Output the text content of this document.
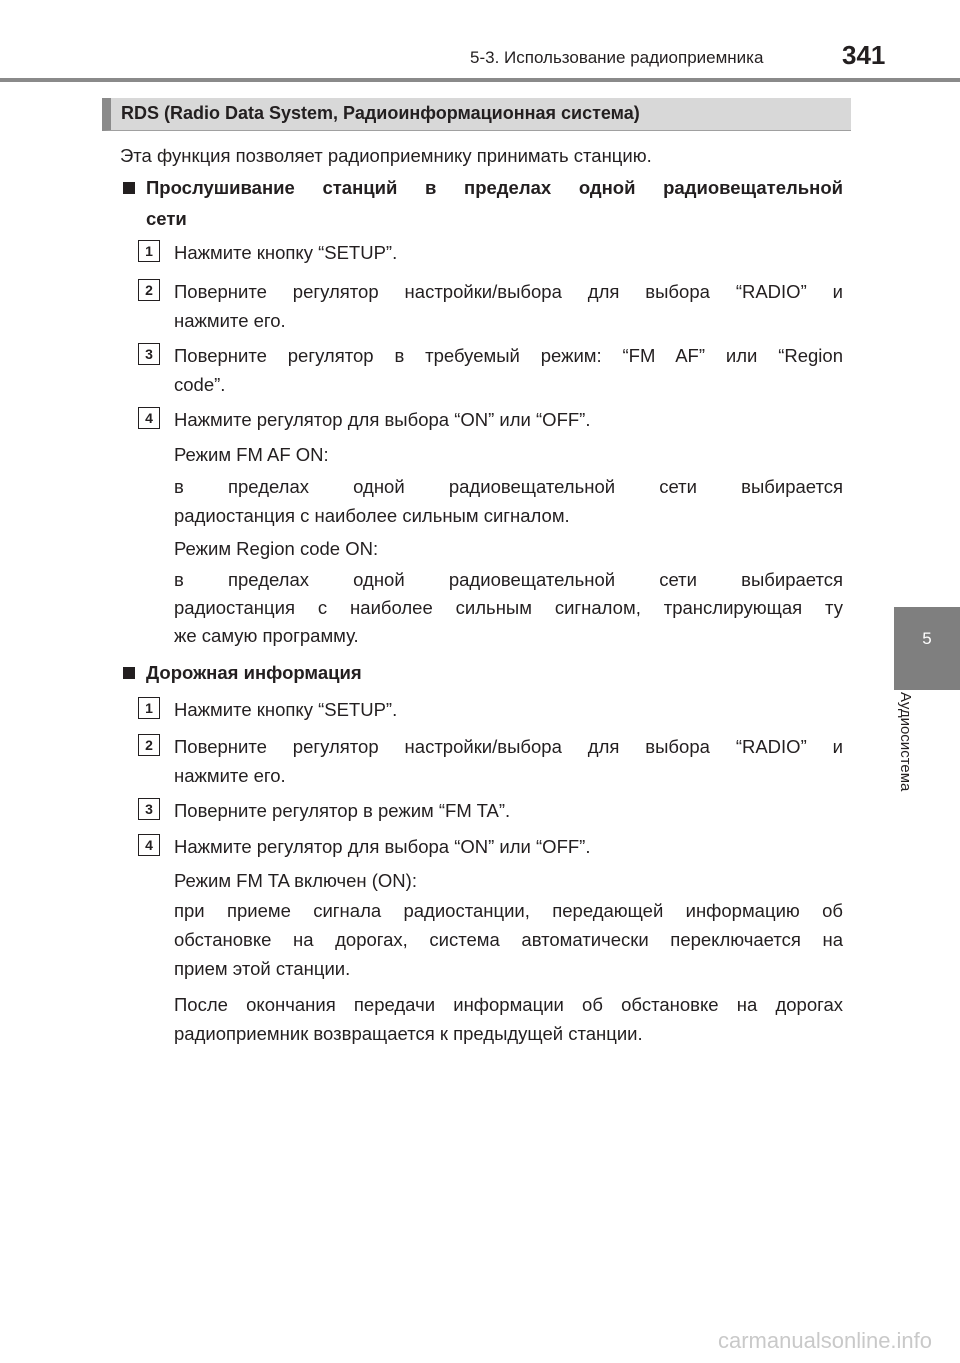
5-3. Использование радиоприемника	341
5
Аудиосистема
RDS (Radio Data System, Радиоинформационная система)
Эта функция позволяет радиоприемнику принимать станцию.
Прослушивание станций в пределах одной радиовещательной
сети
1	Нажмите кнопку “SETUP”.
2	Поверните регулятор настройки/выбора для выбора “RADIO” и
нажмите его.
3	Поверните регулятор в требуемый режим: “FM AF” или “Region
code”.
4	Нажмите регулятор для выбора “ON” или “OFF”.
Режим FM AF ON:
в пределах одной радиовещательной сети выбирается
радиостанция с наиболее сильным сигналом.
Режим Region code ON:
в пределах одной радиовещательной сети выбирается
радиостанция с наиболее сильным сигналом, транслирующая ту
же самую программу.
Дорожная информация
1	Нажмите кнопку “SETUP”.
2	Поверните регулятор настройки/выбора для выбора “RADIO” и
нажмите его.
3	Поверните регулятор в режим “FM TA”.
4	Нажмите регулятор для выбора “ON” или “OFF”.
Режим FM TA включен (ON):
при приеме сигнала радиостанции, передающей информацию об
обстановке на дорогах, система автоматически переключается на
прием этой станции.
После окончания передачи информации об обстановке на дорогах
радиоприемник возвращается к предыдущей станции.
carmanualsonline.info
